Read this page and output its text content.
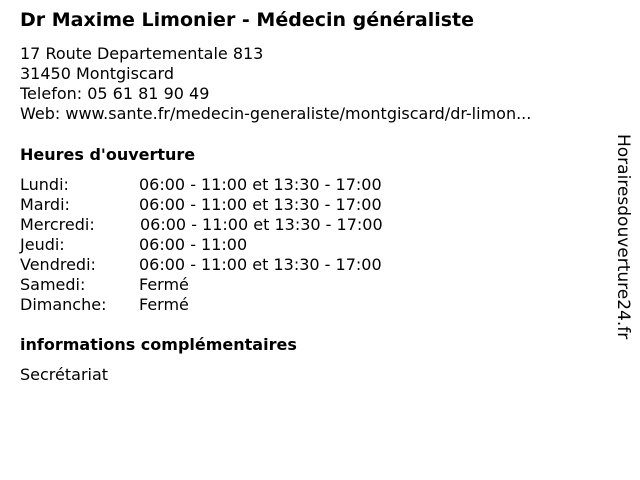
Dr Maxime Limonier - Médecin généraliste
17 Route Departementale 813
31450 Montgiscard
Telefon: 05 61 81 90 49
Web: www.sante.fr/medecin-generaliste/montgiscard/dr-limon...
Heures d'ouverture
Lundi:	06:00 - 11:00 et 13:30 - 17:00
Mardi:	06:00 - 11:00 et 13:30 - 17:00
Mercredi:	06:00 - 11:00 et 13:30 - 17:00
Jeudi:	06:00 - 11:00
Vendredi:	06:00 - 11:00 et 13:30 - 17:00
Samedi:	Fermé
Dimanche: Fermé
informations complémentaires
Secrétariat
Horairesdouverture24.fr
